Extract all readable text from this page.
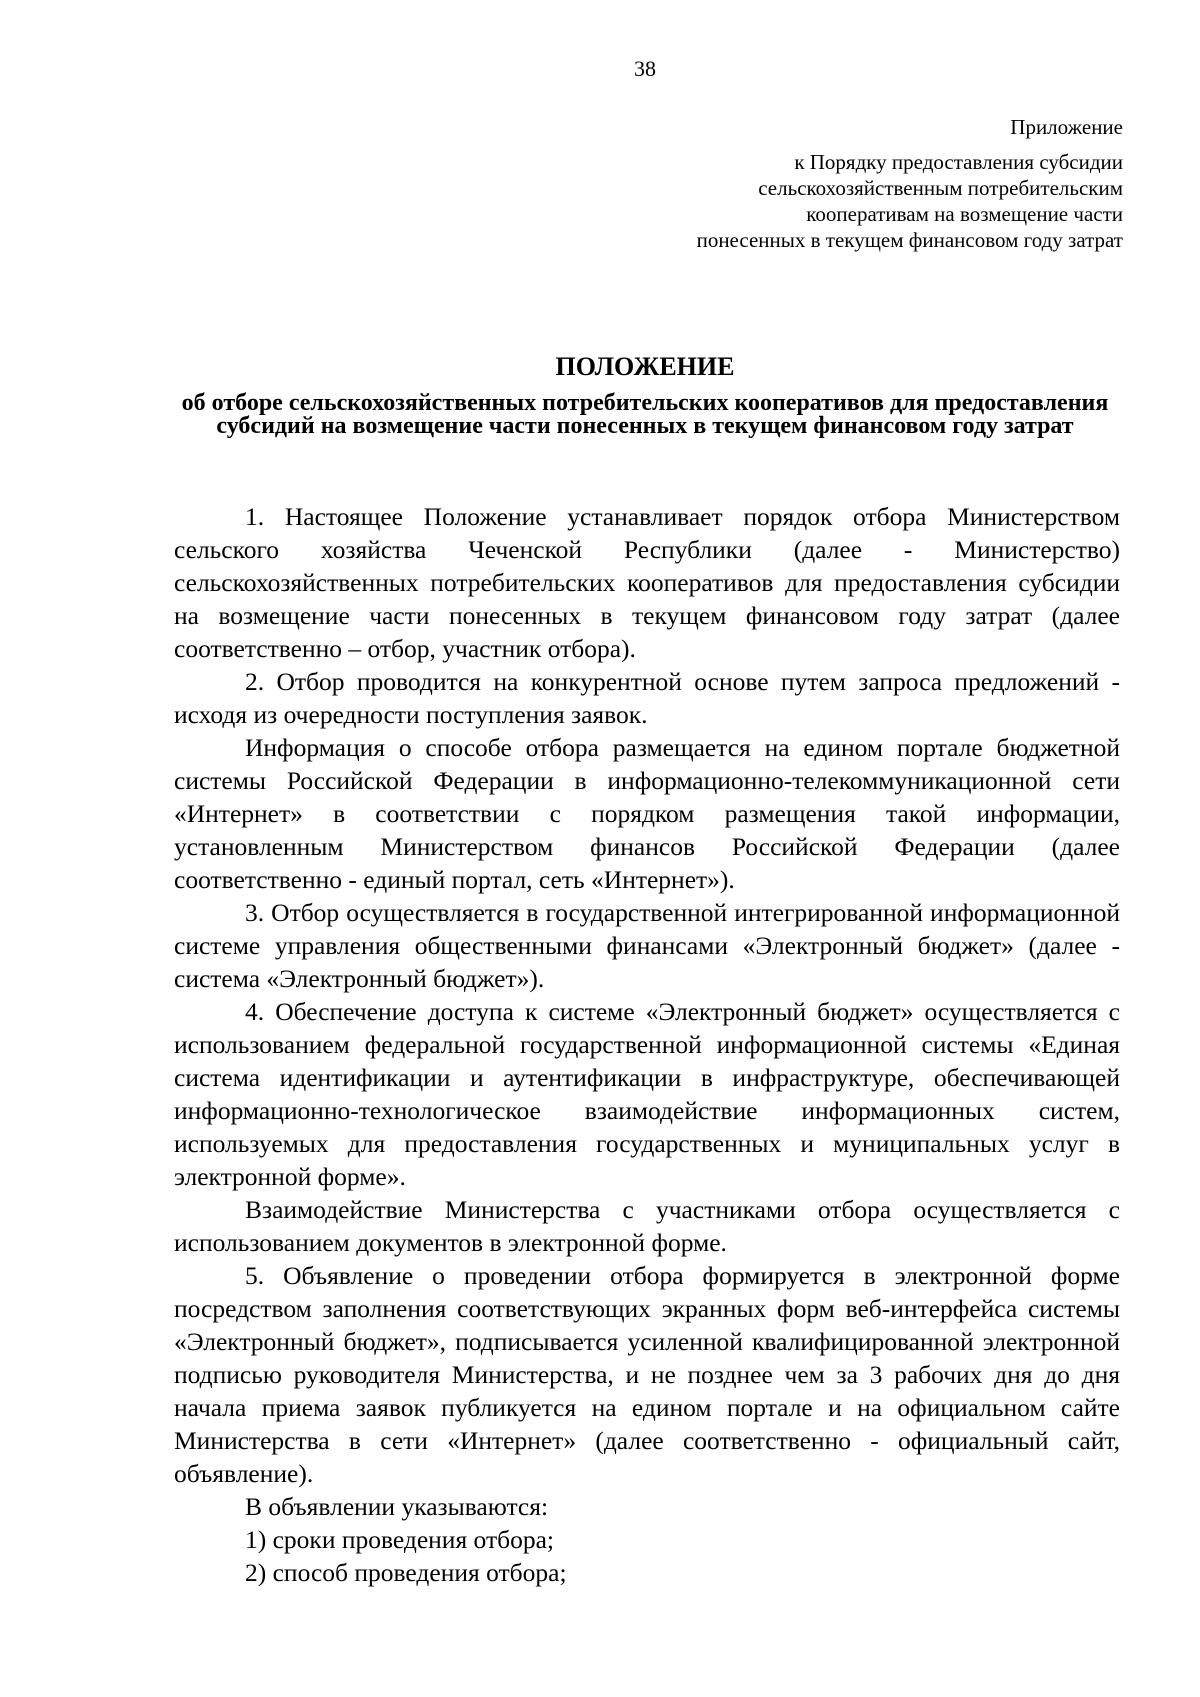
38
Приложение
к Порядку предоставления субсидии
сельскохозяйственным потребительским
кооперативам на возмещение части
понесенных в текущем финансовом году затрат
ПОЛОЖЕНИЕ
об отборе сельскохозяйственных потребительских кооперативов для предоставления субсидий на возмещение части понесенных в текущем финансовом году затрат

1. Настоящее Положение устанавливает порядок отбора Министерством сельского хозяйства Чеченской Республики (далее - Министерство) сельскохозяйственных потребительских кооперативов для предоставления субсидии на возмещение части понесенных в текущем финансовом году затрат (далее соответственно – отбор, участник отбора).

2. Отбор проводится на конкурентной основе путем запроса предложений - исходя из очередности поступления заявок.

Информация о способе отбора размещается на едином портале бюджетной системы Российской Федерации в информационно-телекоммуникационной сети «Интернет» в соответствии с порядком размещения такой информации, установленным Министерством финансов Российской Федерации (далее соответственно - единый портал, сеть «Интернет»).

3. Отбор осуществляется в государственной интегрированной информационной системе управления общественными финансами «Электронный бюджет» (далее - система «Электронный бюджет»).

4. Обеспечение доступа к системе «Электронный бюджет» осуществляется с использованием федеральной государственной информационной системы «Единая система идентификации и аутентификации в инфраструктуре, обеспечивающей информационно-технологическое взаимодействие информационных систем, используемых для предоставления государственных и муниципальных услуг в электронной форме».

Взаимодействие Министерства с участниками отбора осуществляется с использованием документов в электронной форме.

5. Объявление о проведении отбора формируется в электронной форме посредством заполнения соответствующих экранных форм веб-интерфейса системы «Электронный бюджет», подписывается усиленной квалифицированной электронной подписью руководителя Министерства, и не позднее чем за 3 рабочих дня до дня начала приема заявок публикуется на едином портале и на официальном сайте Министерства в сети «Интернет» (далее соответственно - официальный сайт, объявление).

В объявлении указываются:

1) сроки проведения отбора;

2) способ проведения отбора;
